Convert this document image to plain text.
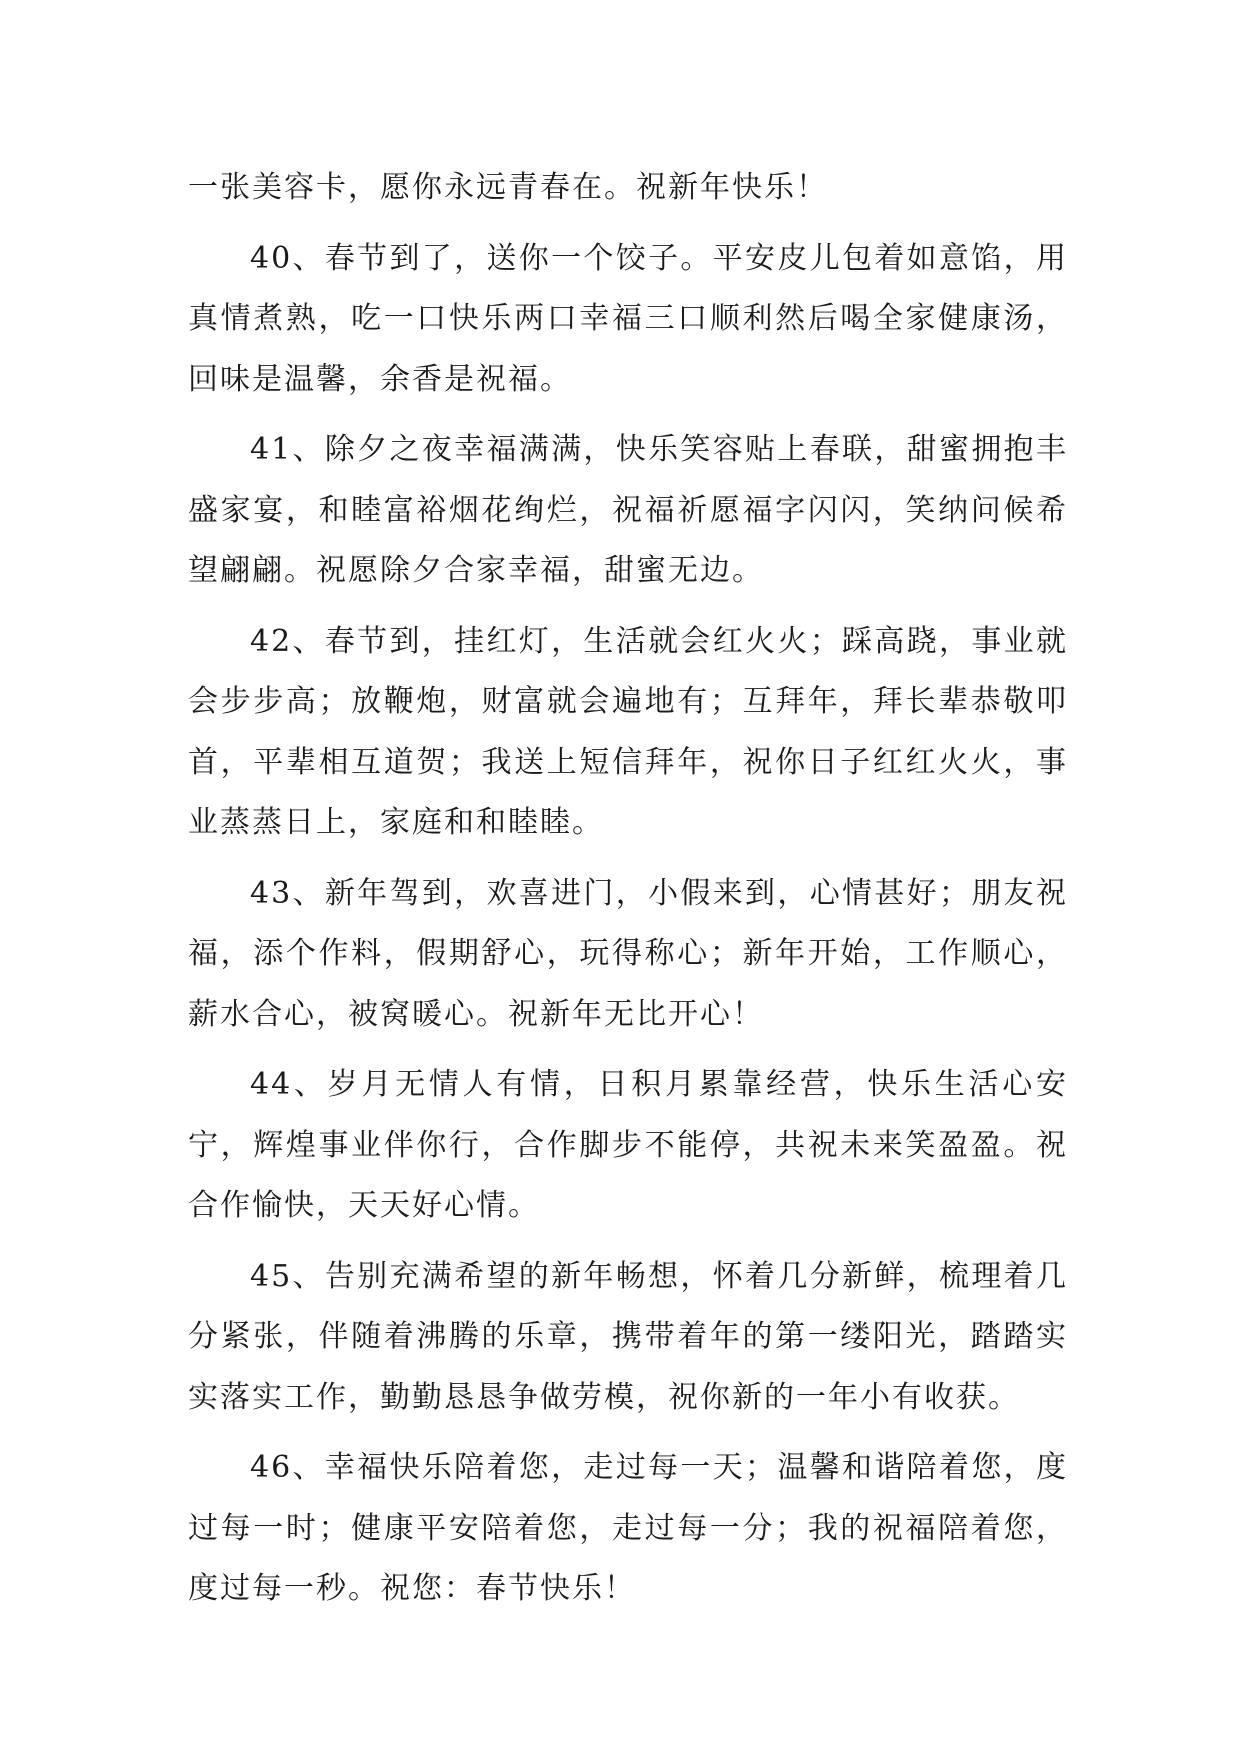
一张美容卡，愿你永远青春在。祝新年快乐！

40、春节到了，送你一个饺子。平安皮儿包着如意馅，用真情煮熟，吃一口快乐两口幸福三口顺利然后喝全家健康汤，回味是温馨，余香是祝福。

41、除夕之夜幸福满满，快乐笑容贴上春联，甜蜜拥抱丰盛家宴，和睦富裕烟花绚烂，祝福祈愿福字闪闪，笑纳问候希望翩翩。祝愿除夕合家幸福，甜蜜无边。

42、春节到，挂红灯，生活就会红火火；踩高跷，事业就会步步高；放鞭炮，财富就会遍地有；互拜年，拜长辈恭敬叩首，平辈相互道贺；我送上短信拜年，祝你日子红红火火，事业蒸蒸日上，家庭和和睦睦。

43、新年驾到，欢喜进门，小假来到，心情甚好；朋友祝福，添个作料，假期舒心，玩得称心；新年开始，工作顺心，薪水合心，被窝暖心。祝新年无比开心！

44、岁月无情人有情，日积月累靠经营，快乐生活心安宁，辉煌事业伴你行，合作脚步不能停，共祝未来笑盈盈。祝合作愉快，天天好心情。

45、告别充满希望的新年畅想，怀着几分新鲜，梳理着几分紧张，伴随着沸腾的乐章，携带着年的第一缕阳光，踏踏实实落实工作，勤勤恳恳争做劳模，祝你新的一年小有收获。

46、幸福快乐陪着您，走过每一天；温馨和谐陪着您，度过每一时；健康平安陪着您，走过每一分；我的祝福陪着您，度过每一秒。祝您：春节快乐！
